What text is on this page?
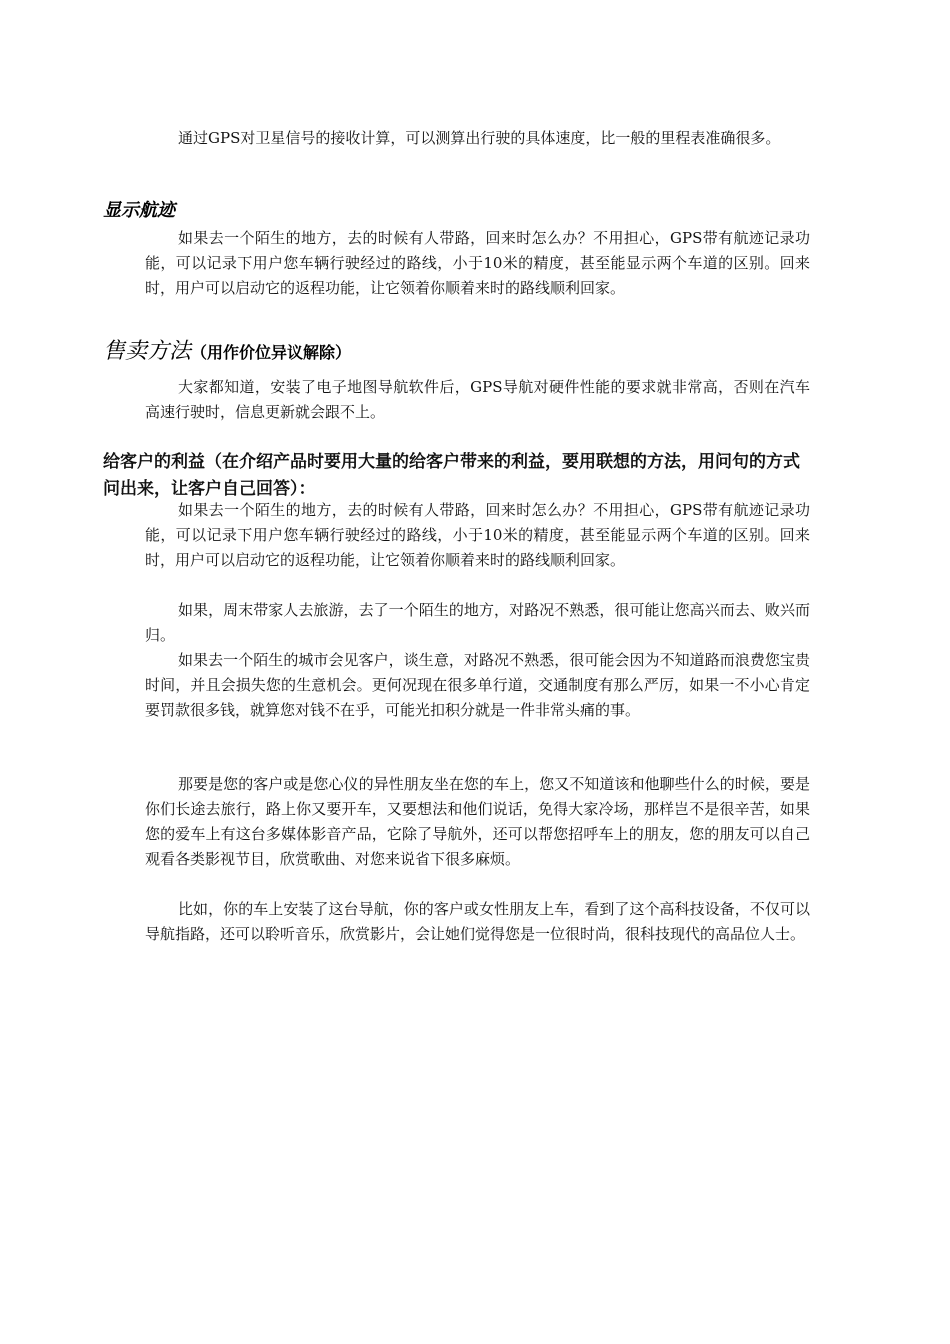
通过GPS对卫星信号的接收计算，可以测算出行驶的具体速度，比一般的里程表准确很多。

显示航迹

如果去一个陌生的地方，去的时候有人带路，回来时怎么办？不用担心，GPS带有航迹记录功能，可以记录下用户您车辆行驶经过的路线，小于10米的精度，甚至能显示两个车道的区别。回来时，用户可以启动它的返程功能，让它领着你顺着来时的路线顺利回家。

售卖方法（用作价位异议解除）

大家都知道，安装了电子地图导航软件后，GPS导航对硬件性能的要求就非常高，否则在汽车高速行驶时，信息更新就会跟不上。

给客户的利益（在介绍产品时要用大量的给客户带来的利益，要用联想的方法，用问句的方式问出来，让客户自己回答）：

如果去一个陌生的地方，去的时候有人带路，回来时怎么办？不用担心，GPS带有航迹记录功能，可以记录下用户您车辆行驶经过的路线，小于10米的精度，甚至能显示两个车道的区别。回来时，用户可以启动它的返程功能，让它领着你顺着来时的路线顺利回家。

如果，周末带家人去旅游，去了一个陌生的地方，对路况不熟悉，很可能让您高兴而去、败兴而归。

如果去一个陌生的城市会见客户，谈生意，对路况不熟悉，很可能会因为不知道路而浪费您宝贵时间，并且会损失您的生意机会。更何况现在很多单行道，交通制度有那么严厉，如果一不小心肯定要罚款很多钱，就算您对钱不在乎，可能光扣积分就是一件非常头痛的事。

那要是您的客户或是您心仪的异性朋友坐在您的车上，您又不知道该和他聊些什么的时候，要是你们长途去旅行，路上你又要开车，又要想法和他们说话，免得大家冷场，那样岂不是很辛苦，如果您的爱车上有这台多媒体影音产品，它除了导航外，还可以帮您招呼车上的朋友，您的朋友可以自己观看各类影视节目，欣赏歌曲、对您来说省下很多麻烦。

比如，你的车上安装了这台导航，你的客户或女性朋友上车，看到了这个高科技设备，不仅可以导航指路，还可以聆听音乐，欣赏影片，会让她们觉得您是一位很时尚，很科技现代的高品位人士。
